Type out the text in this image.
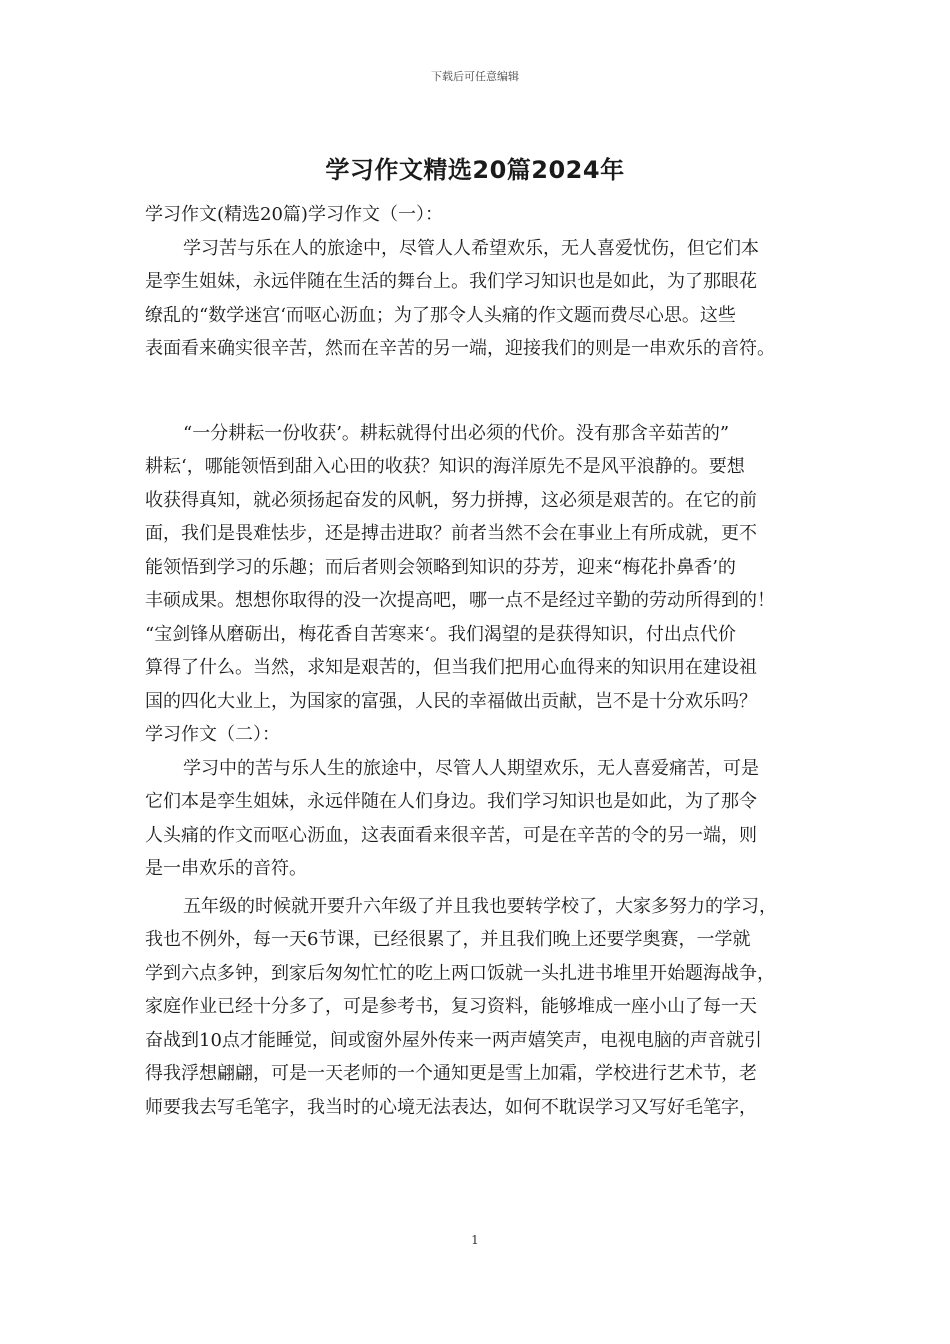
下载后可任意编辑
学习作文精选20篇2024年
学习作文(精选20篇)学习作文（一）：
学习苦与乐在人的旅途中，尽管人人希望欢乐，无人喜爱忧伤，但它们本
是孪生姐妹，永远伴随在生活的舞台上。我们学习知识也是如此，为了那眼花
缭乱的“数学迷宫‘而呕心沥血；为了那令人头痛的作文题而费尽心思。这些
表面看来确实很辛苦，然而在辛苦的另一端，迎接我们的则是一串欢乐的音符。
“一分耕耘一份收获’。耕耘就得付出必须的代价。没有那含辛茹苦的”
耕耘‘，哪能领悟到甜入心田的收获？知识的海洋原先不是风平浪静的。要想
收获得真知，就必须扬起奋发的风帆，努力拼搏，这必须是艰苦的。在它的前
面，我们是畏难怯步，还是搏击进取？前者当然不会在事业上有所成就，更不
能领悟到学习的乐趣；而后者则会领略到知识的芬芳，迎来“梅花扑鼻香’的
丰硕成果。想想你取得的没一次提高吧，哪一点不是经过辛勤的劳动所得到的！
“宝剑锋从磨砺出，梅花香自苦寒来‘。我们渴望的是获得知识，付出点代价
算得了什么。当然，求知是艰苦的，但当我们把用心血得来的知识用在建设祖
国的四化大业上，为国家的富强，人民的幸福做出贡献，岂不是十分欢乐吗？
学习作文（二）：
学习中的苦与乐人生的旅途中，尽管人人期望欢乐，无人喜爱痛苦，可是
它们本是孪生姐妹，永远伴随在人们身边。我们学习知识也是如此，为了那令
人头痛的作文而呕心沥血，这表面看来很辛苦，可是在辛苦的令的另一端，则
是一串欢乐的音符。
五年级的时候就开要升六年级了并且我也要转学校了，大家多努力的学习，
我也不例外，每一天6节课，已经很累了，并且我们晚上还要学奥赛，一学就
学到六点多钟，到家后匆匆忙忙的吃上两口饭就一头扎进书堆里开始题海战争，
家庭作业已经十分多了，可是参考书，复习资料，能够堆成一座小山了每一天
奋战到10点才能睡觉，间或窗外屋外传来一两声嬉笑声，电视电脑的声音就引
得我浮想翩翩，可是一天老师的一个通知更是雪上加霜，学校进行艺术节，老
师要我去写毛笔字，我当时的心境无法表达，如何不耽误学习又写好毛笔字，
1
